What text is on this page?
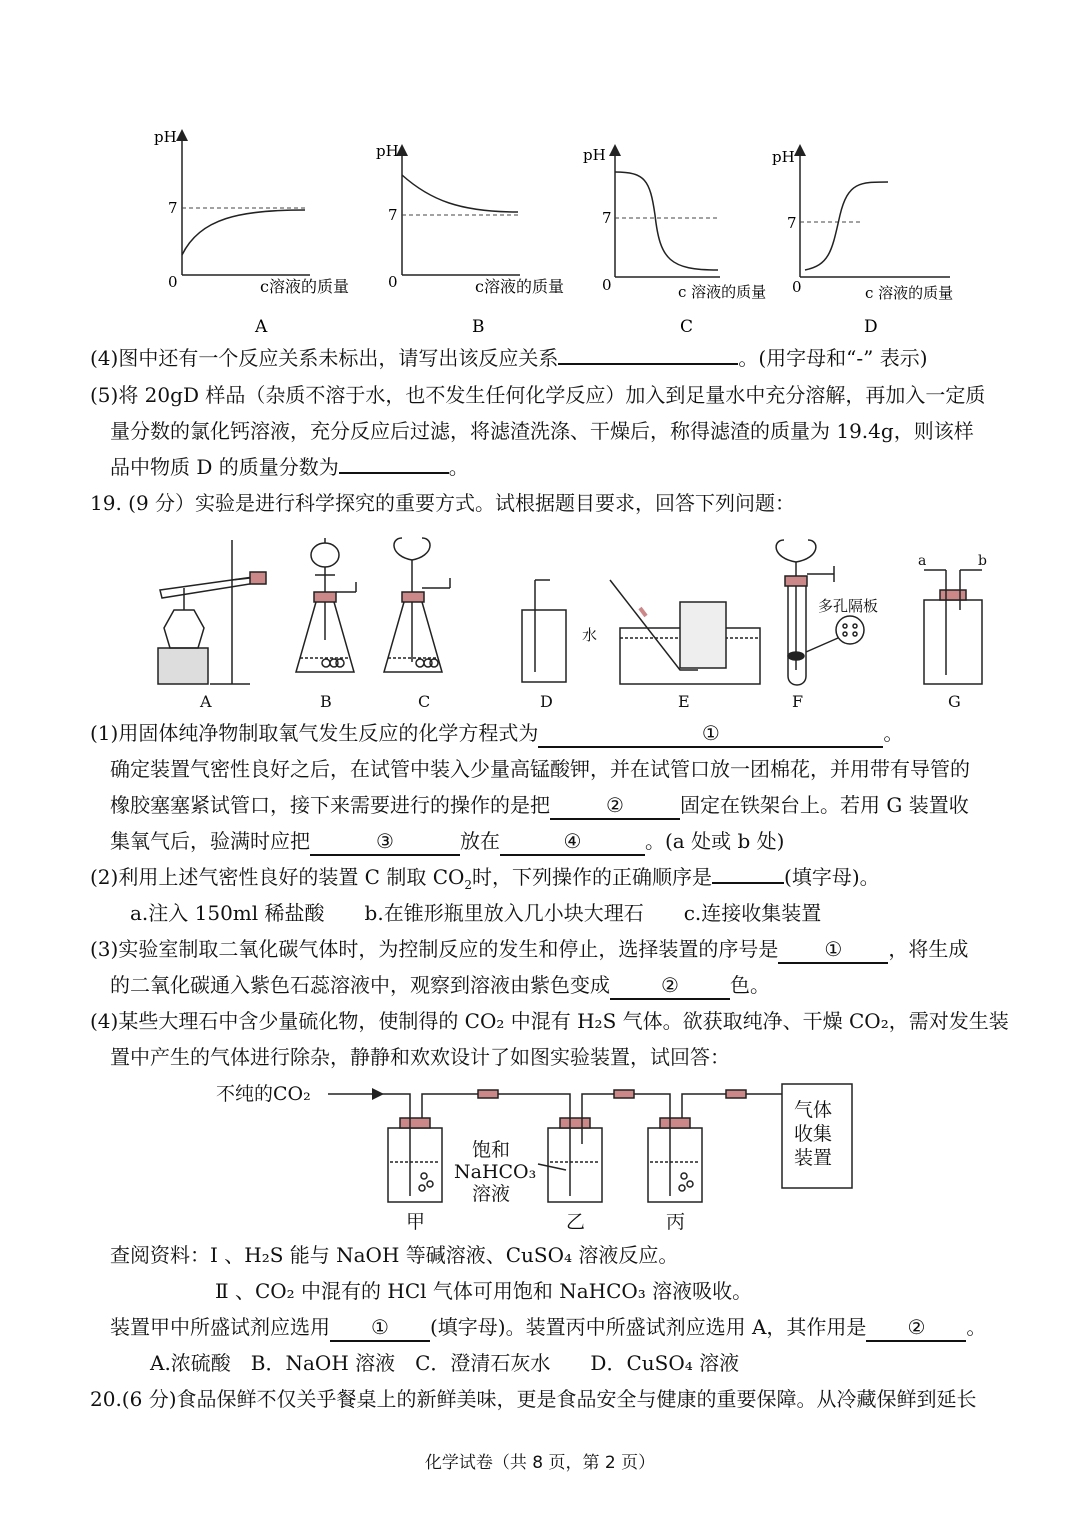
pH
7
0	c溶液的质量
A
pH
7
0	c溶液的质量
B
pH
7
0	c 溶液的质量
C
pH
7
0	c 溶液的质量
D
(4)图中还有一个反应关系未标出，请写出该反应关系	。(用字母和“-” 表示)
(5)将 20gD 样品（杂质不溶于水，也不发生任何化学反应）加入到足量水中充分溶解，再加入一定质
量分数的氯化钙溶液，充分反应后过滤，将滤渣洗涤、干燥后，称得滤渣的质量为 19.4g，则该样
品中物质 D 的质量分数为	。
19. (9 分）实验是进行科学探究的重要方式。试根据题目要求，回答下列问题：
水
多孔隔板
a	b
A	B	C	D	E	F	G
(1)用固体纯净物制取氧气发生反应的化学方程式为	①	。
确定装置气密性良好之后，在试管中装入少量高锰酸钾，并在试管口放一团棉花，并用带有导管的
橡胶塞塞紧试管口，接下来需要进行的操作的是把	②	固定在铁架台上。若用 G 装置收
集氧气后，验满时应把	③	放在	④	。(a 处或 b 处)
(2)利用上述气密性良好的装置 C 制取 $CO_2$时，下列操作的正确顺序是	(填字母)。
a.注入 150ml 稀盐酸　　b.在锥形瓶里放入几小块大理石　　c.连接收集装置
(3)实验室制取二氧化碳气体时，为控制反应的发生和停止，选择装置的序号是 ① ，将生成
的二氧化碳通入紫色石蕊溶液中，观察到溶液由紫色变成	②	色。
(4)某些大理石中含少量硫化物，使制得的 CO₂ 中混有 H₂S 气体。欲获取纯净、干燥 CO₂，需对发生装
置中产生的气体进行除杂，静静和欢欢设计了如图实验装置，试回答：
不纯的CO₂
饱和
NaHCO₃
溶液
气体
收集
装置
甲	乙	丙
查阅资料：Ⅰ 、H₂S 能与 NaOH 等碱溶液、CuSO₄ 溶液反应。
Ⅱ 、CO₂ 中混有的 HCl 气体可用饱和 NaHCO₃ 溶液吸收。
装置甲中所盛试剂应选用 ① (填字母)。装置丙中所盛试剂应选用 A，其作用是 ② 。
A.浓硫酸　B．NaOH 溶液　C．澄清石灰水　　D．CuSO₄ 溶液
20.(6 分)食品保鲜不仅关乎餐桌上的新鲜美味，更是食品安全与健康的重要保障。从冷藏保鲜到延长
化学试卷（共 8 页，第 2 页）
